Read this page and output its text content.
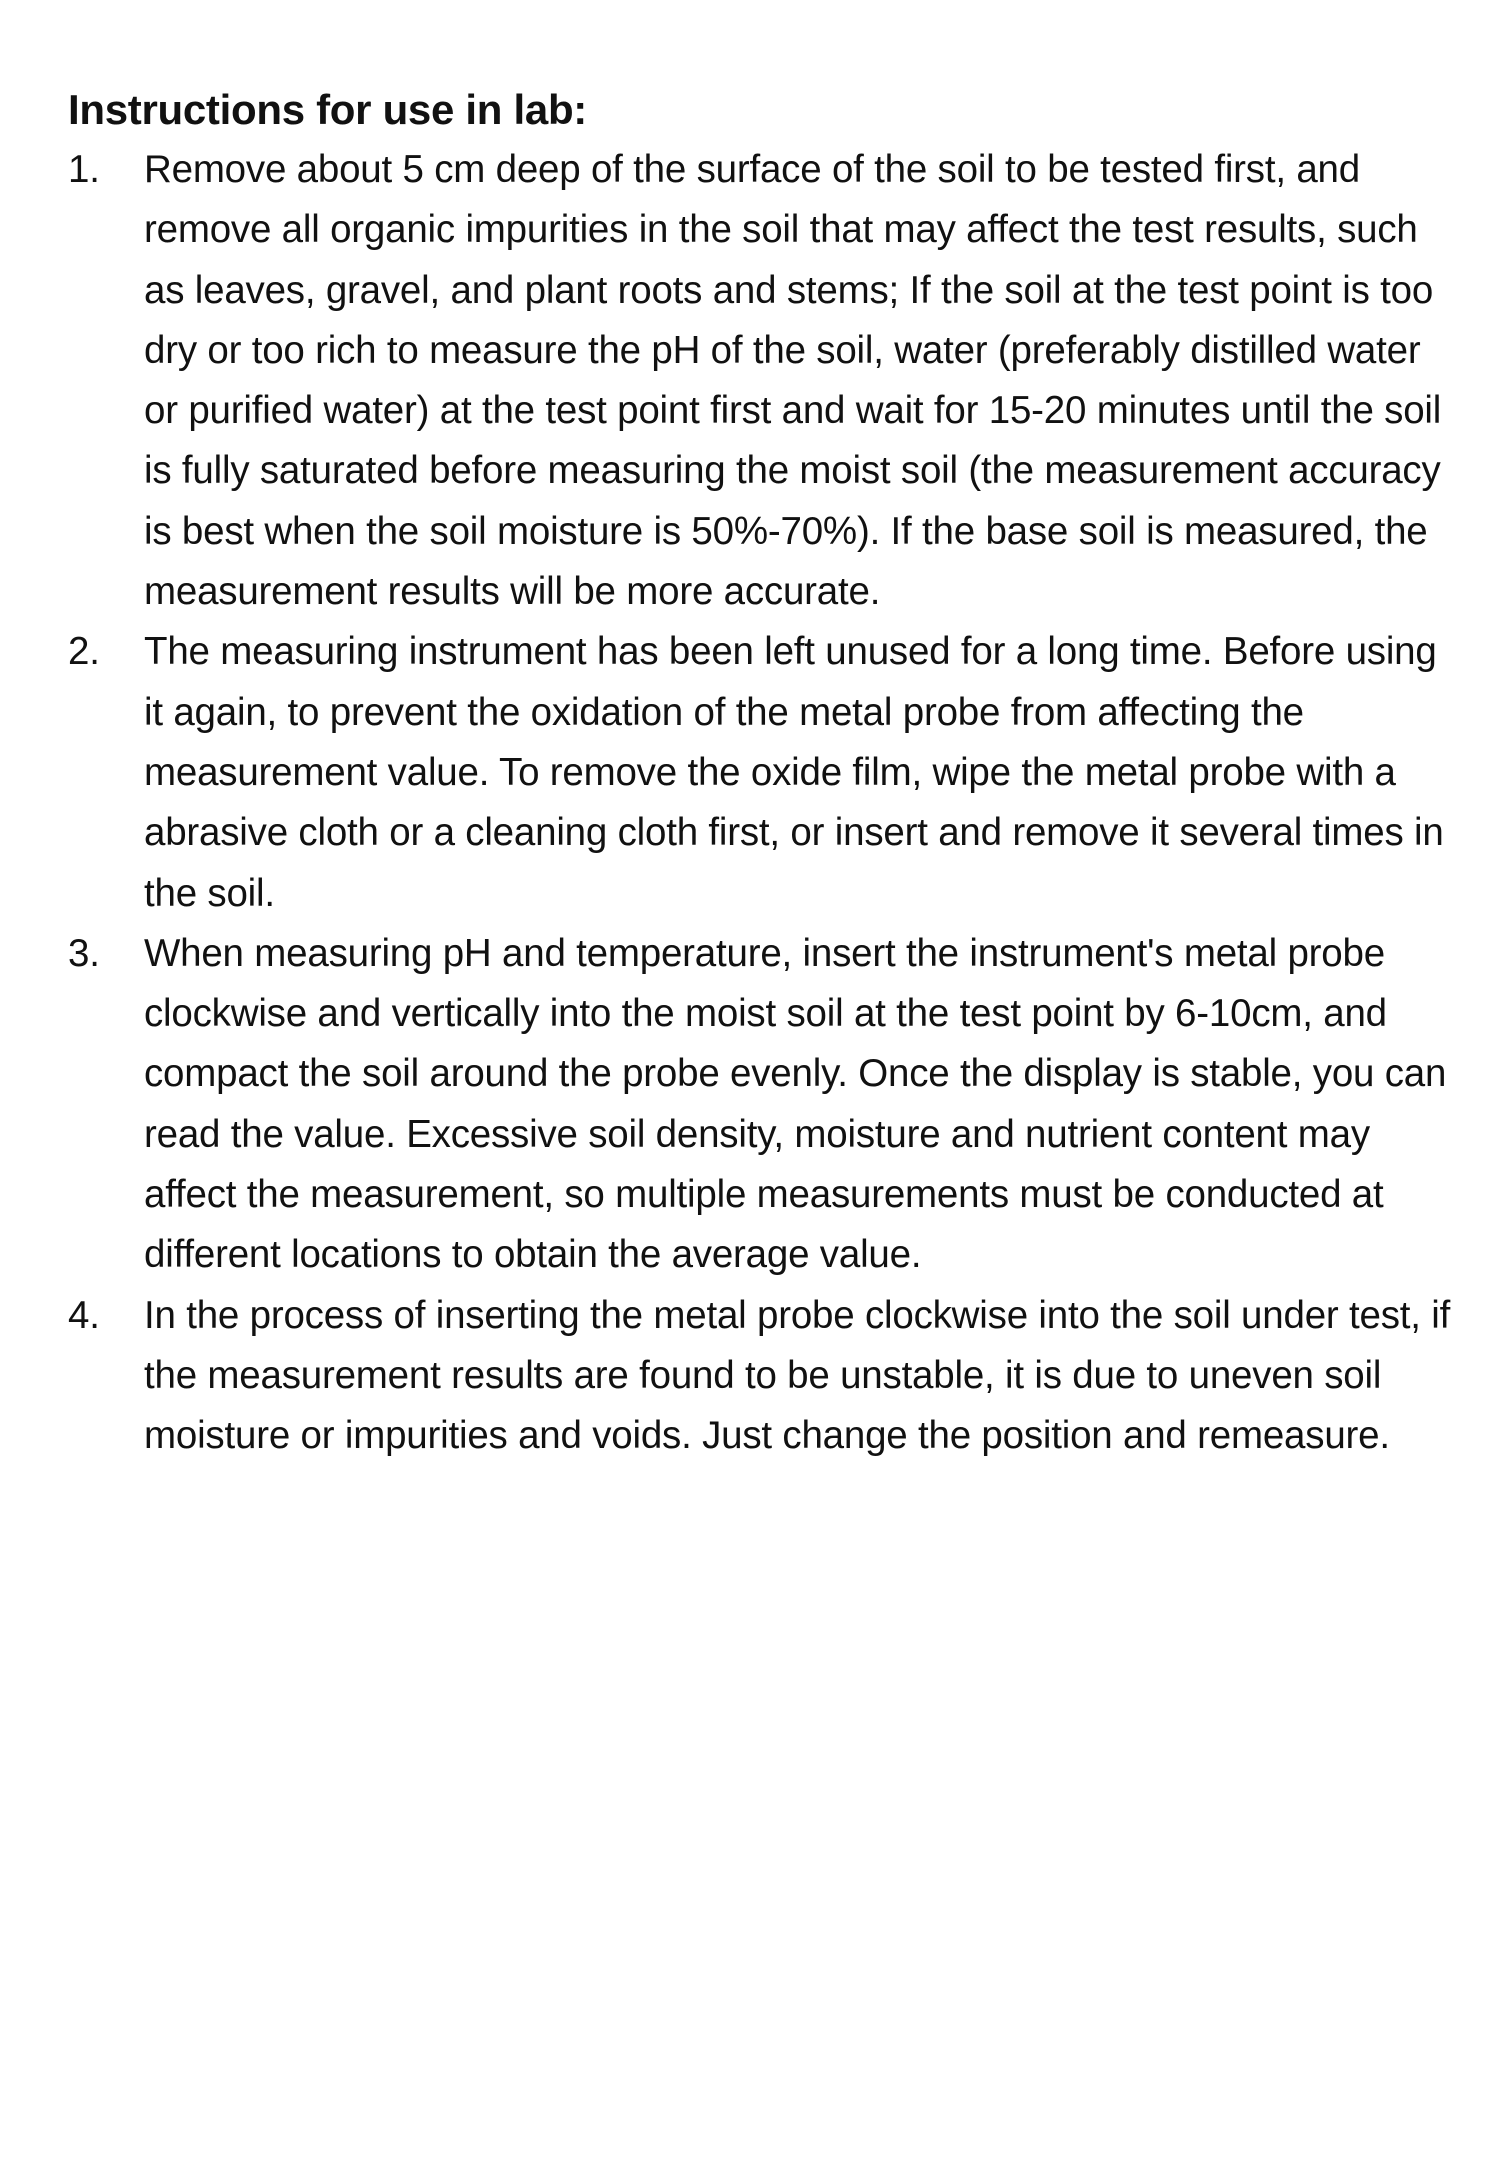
Instructions for use in lab:
1. Remove about 5 cm deep of the surface of the soil to be tested first, and remove all organic impurities in the soil that may affect the test results, such as leaves, gravel, and plant roots and stems; If the soil at the test point is too dry or too rich to measure the pH of the soil, water (preferably distilled water or purified water) at the test point first and wait for 15-20 minutes until the soil is fully saturated before measuring the moist soil (the measurement accuracy is best when the soil moisture is 50%-70%). If the base soil is measured, the measurement results will be more accurate.
2. The measuring instrument has been left unused for a long time. Before using it again, to prevent the oxidation of the metal probe from affecting the measurement value. To remove the oxide film, wipe the metal probe with a abrasive cloth or a cleaning cloth first, or insert and remove it several times in the soil.
3. When measuring pH and temperature, insert the instrument's metal probe clockwise and vertically into the moist soil at the test point by 6-10cm, and compact the soil around the probe evenly. Once the display is stable, you can read the value. Excessive soil density, moisture and nutrient content may affect the measurement, so multiple measurements must be conducted at different locations to obtain the average value.
4. In the process of inserting the metal probe clockwise into the soil under test, if the measurement results are found to be unstable, it is due to uneven soil moisture or impurities and voids. Just change the position and remeasure.
